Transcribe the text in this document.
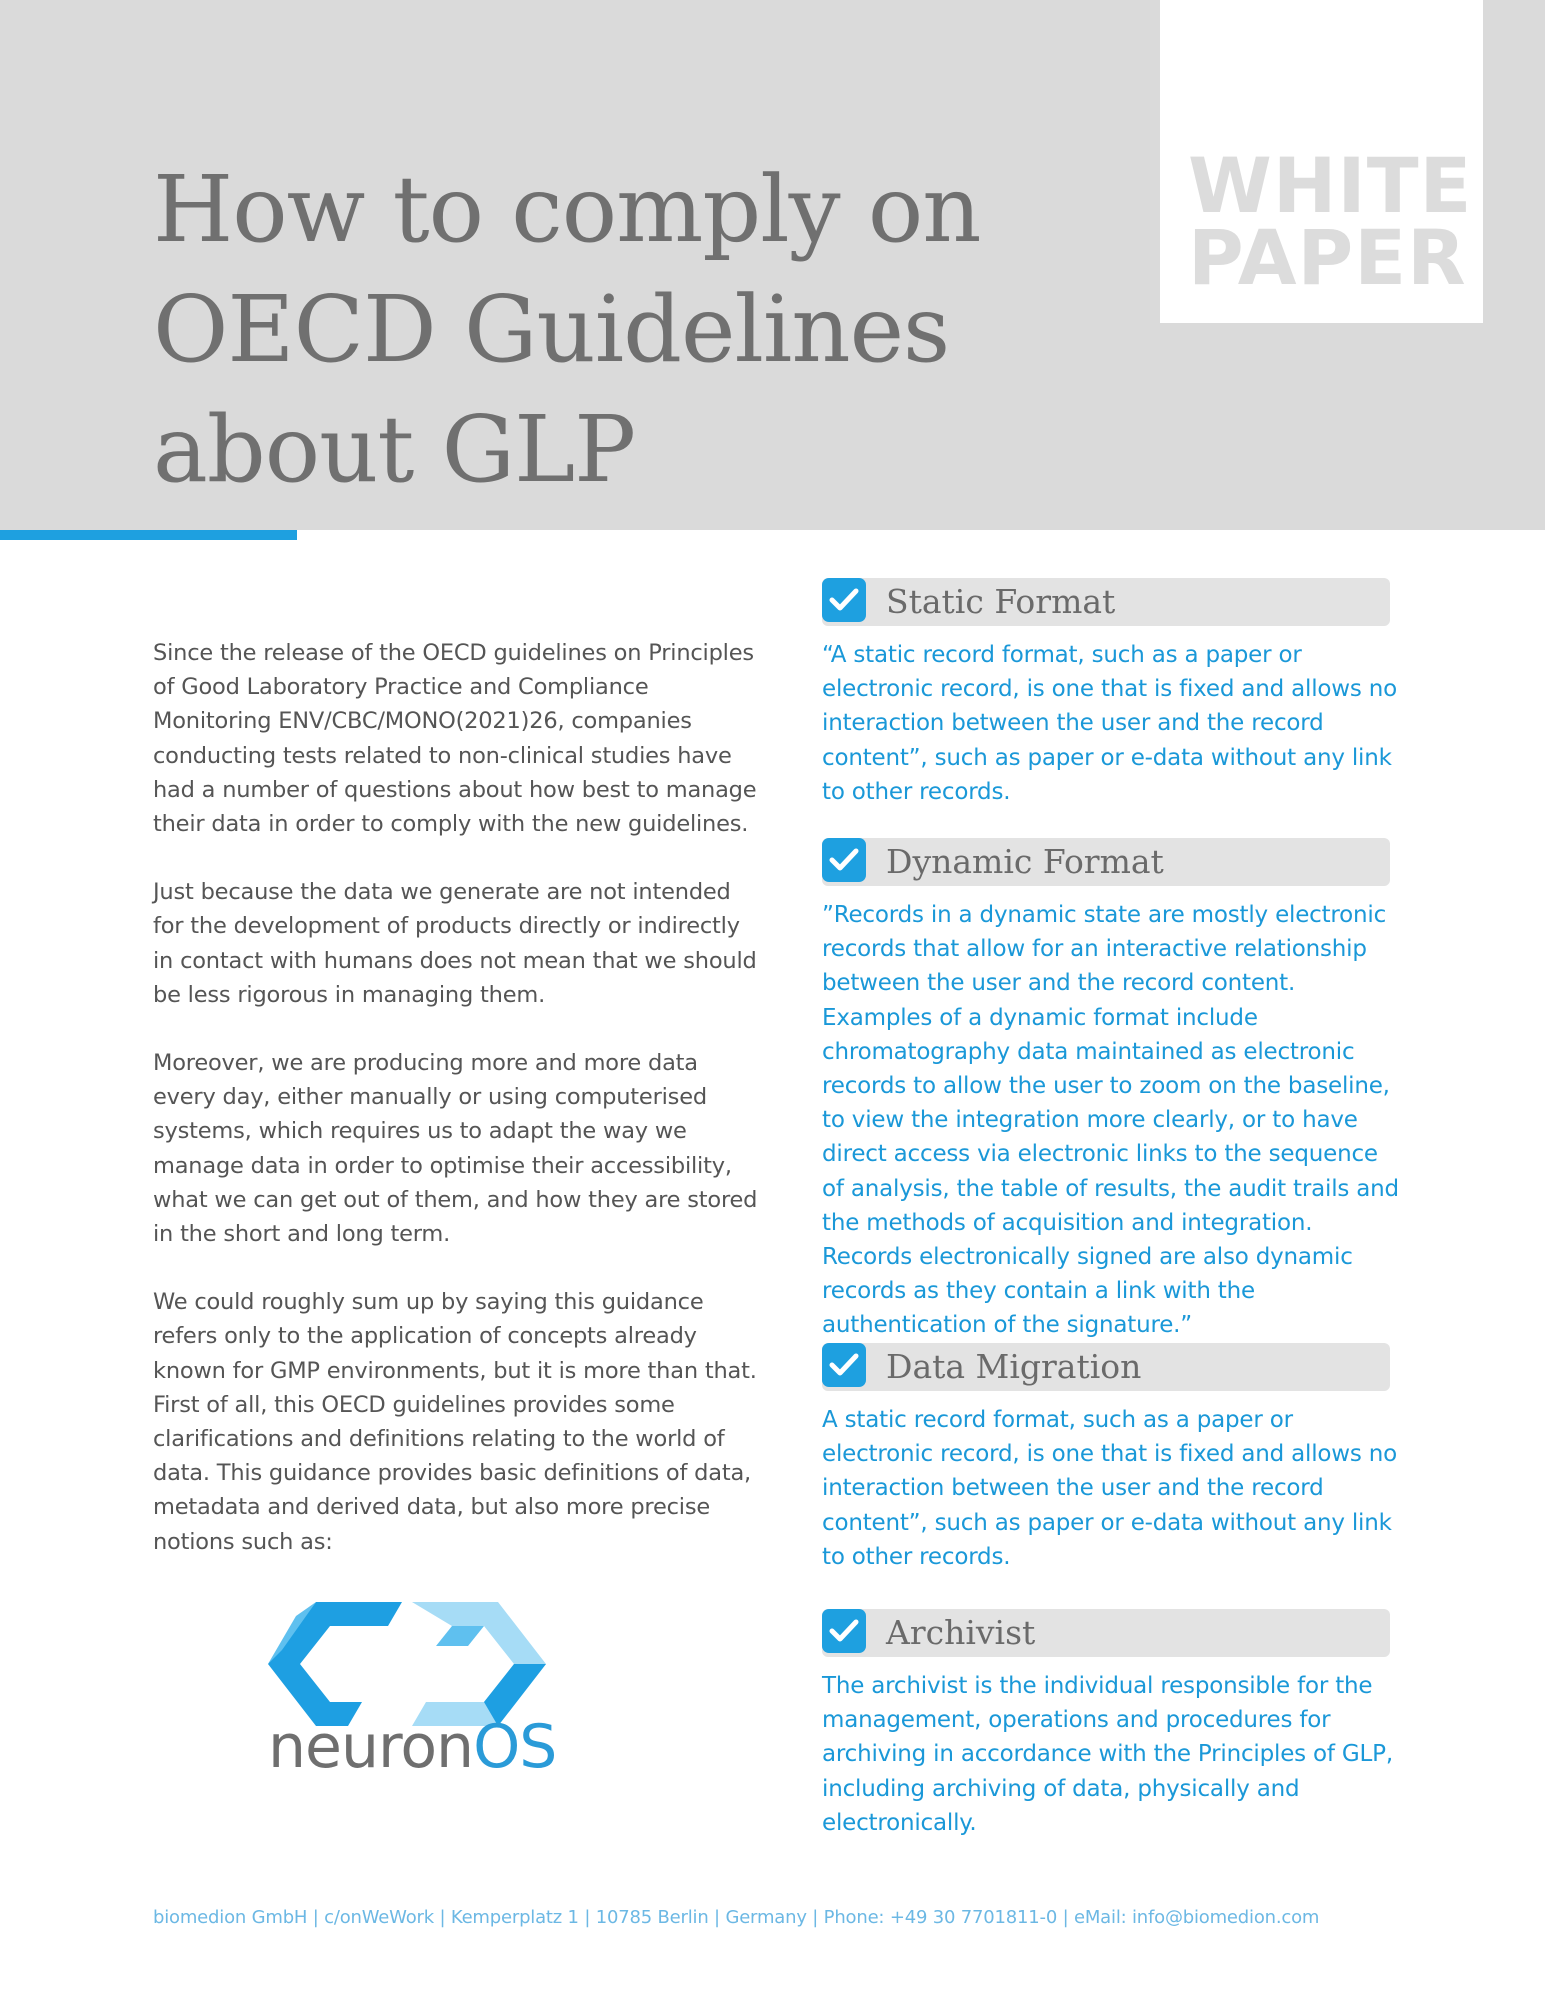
How to comply on
OECD Guidelines
about GLP
WHITE
PAPER

Since the release of the OECD guidelines on Principles of Good Laboratory Practice and Compliance Monitoring ENV/CBC/MONO(2021)26, companies conducting tests related to non-clinical studies have had a number of questions about how best to manage their data in order to comply with the new guidelines.

Just because the data we generate are not intended for the development of products directly or indirectly in contact with humans does not mean that we should be less rigorous in managing them.

Moreover, we are producing more and more data every day, either manually or using computerised systems, which requires us to adapt the way we manage data in order to optimise their accessibility, what we can get out of them, and how they are stored in the short and long term.

We could roughly sum up by saying this guidance refers only to the application of concepts already known for GMP environments, but it is more than that.

First of all, this OECD guidelines provides some clarifications and definitions relating to the world of data. This guidance provides basic definitions of data, metadata and derived data, but also more precise notions such as:

neuronOS
Static Format
“A static record format, such as a paper or electronic record, is one that is fixed and allows no interaction between the user and the record content”, such as paper or e-data without any link to other records.
Dynamic Format
”Records in a dynamic state are mostly electronic records that allow for an interactive relationship between the user and the record content. Examples of a dynamic format include chromatography data maintained as electronic records to allow the user to zoom on the baseline, to view the integration more clearly, or to have direct access via electronic links to the sequence of analysis, the table of results, the audit trails and the methods of acquisition and integration. Records electronically signed are also dynamic records as they contain a link with the authentication of the signature.”
Data Migration
A static record format, such as a paper or electronic record, is one that is fixed and allows no interaction between the user and the record content”, such as paper or e-data without any link to other records.
Archivist
The archivist is the individual responsible for the management, operations and procedures for archiving in accordance with the Principles of GLP, including archiving of data, physically and electronically.
biomedion GmbH | c/onWeWork | Kemperplatz 1 | 10785 Berlin | Germany | Phone: +49 30 7701811-0 | eMail: info@biomedion.com
